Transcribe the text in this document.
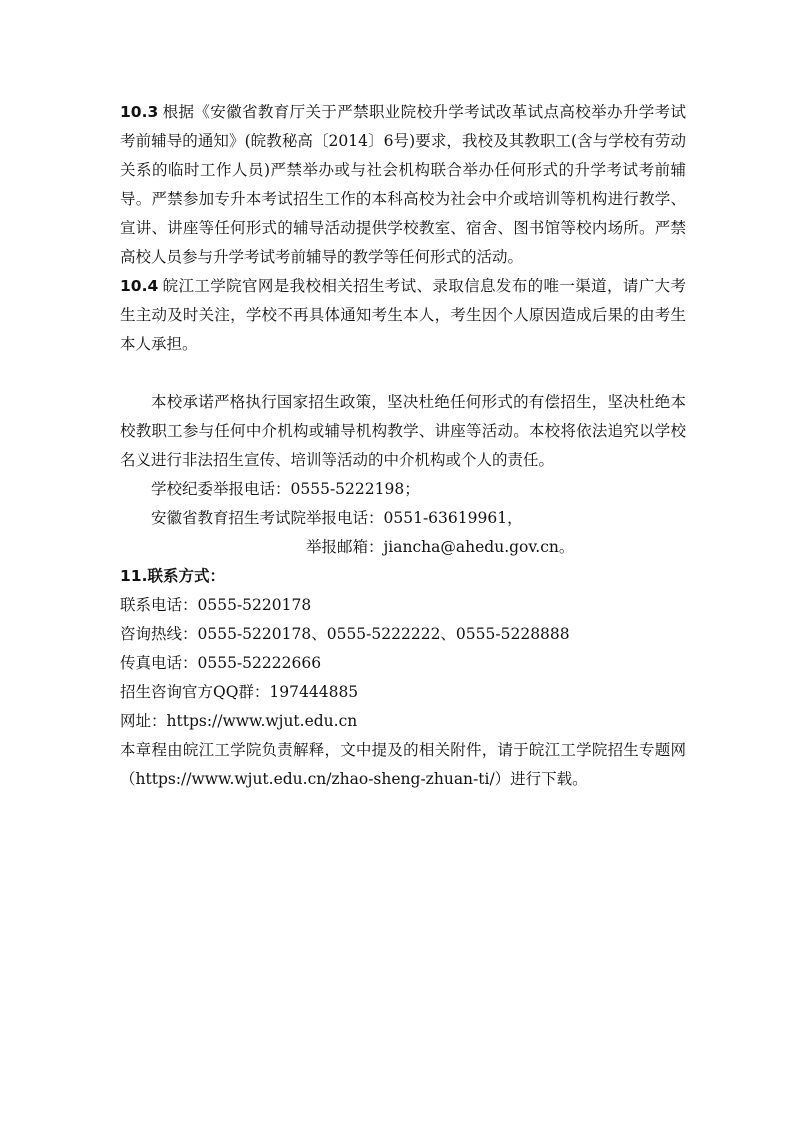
10.3 根据《安徽省教育厅关于严禁职业院校升学考试改革试点高校举办升学考试考前辅导的通知》(皖教秘高〔2014〕6号)要求，我校及其教职工(含与学校有劳动关系的临时工作人员)严禁举办或与社会机构联合举办任何形式的升学考试考前辅导。严禁参加专升本考试招生工作的本科高校为社会中介或培训等机构进行教学、宣讲、讲座等任何形式的辅导活动提供学校教室、宿舍、图书馆等校内场所。严禁高校人员参与升学考试考前辅导的教学等任何形式的活动。

10.4 皖江工学院官网是我校相关招生考试、录取信息发布的唯一渠道，请广大考生主动及时关注，学校不再具体通知考生本人，考生因个人原因造成后果的由考生本人承担。

本校承诺严格执行国家招生政策，坚决杜绝任何形式的有偿招生，坚决杜绝本校教职工参与任何中介机构或辅导机构教学、讲座等活动。本校将依法追究以学校名义进行非法招生宣传、培训等活动的中介机构或个人的责任。

学校纪委举报电话：0555-5222198；

安徽省教育招生考试院举报电话：0551-63619961，

举报邮箱：jiancha@ahedu.gov.cn。

11.联系方式：

联系电话：0555-5220178

咨询热线：0555-5220178、0555-5222222、0555-5228888

传真电话：0555-52222666

招生咨询官方QQ群：197444885

网址：https://www.wjut.edu.cn

本章程由皖江工学院负责解释，文中提及的相关附件，请于皖江工学院招生专题网（https://www.wjut.edu.cn/zhao-sheng-zhuan-ti/）进行下载。
